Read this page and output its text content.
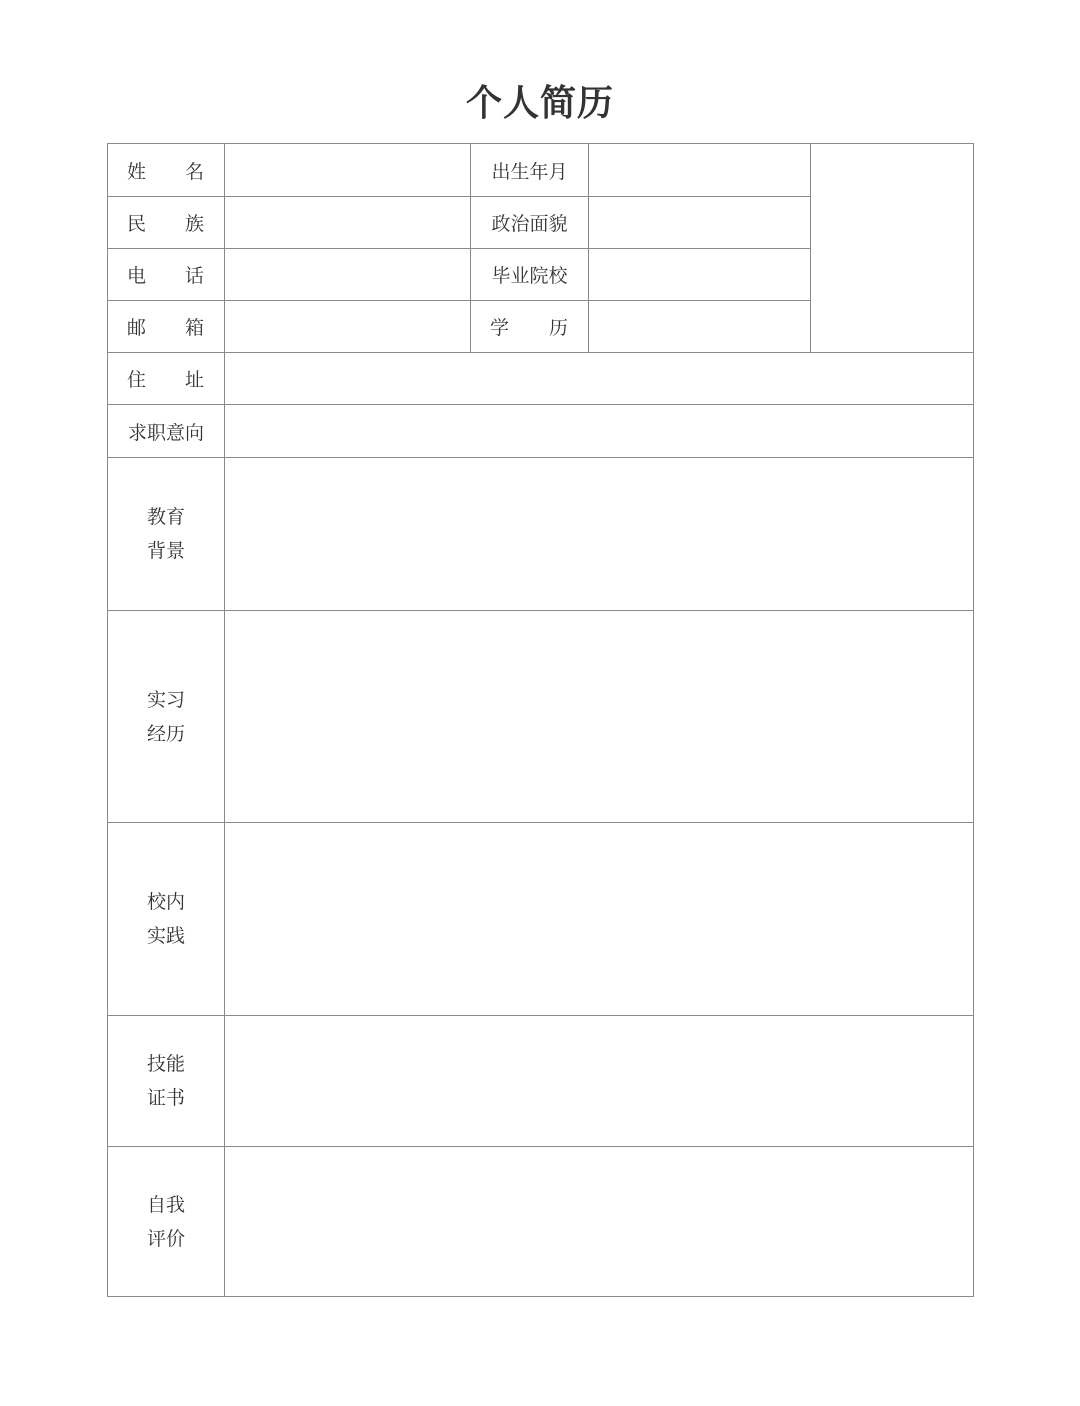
个人简历
姓 名		出生年月		

民 族		政治面貌		

电 话		毕业院校		

邮 箱		学 历		

住 址				

求职意向				

教育
背景				

实习
经历				

校内
实践				

技能
证书				

自我
评价				
